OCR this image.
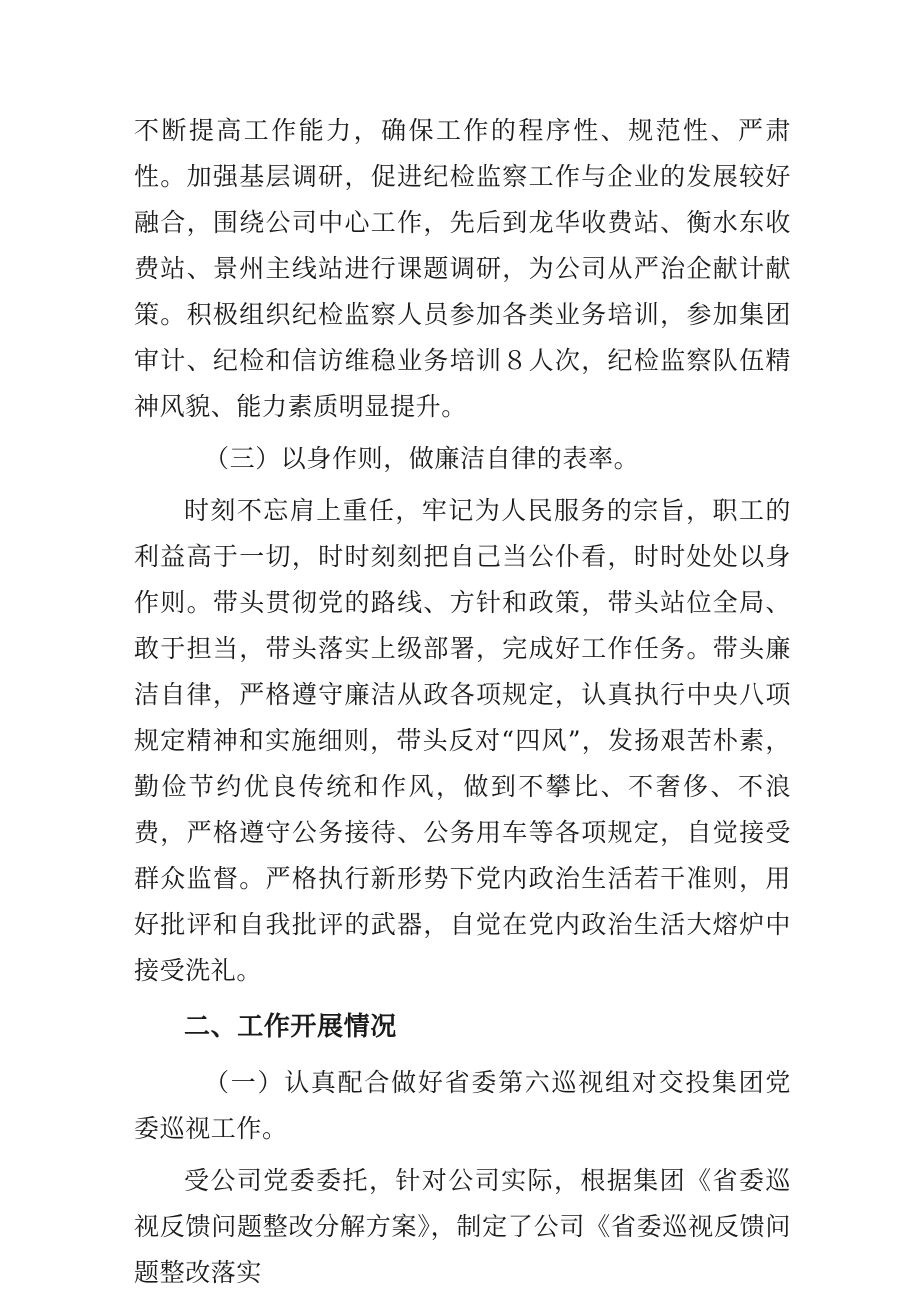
不断提高工作能力，确保工作的程序性、规范性、严肃性。加强基层调研，促进纪检监察工作与企业的发展较好融合，围绕公司中心工作，先后到龙华收费站、衡水东收费站、景州主线站进行课题调研，为公司从严治企献计献策。积极组织纪检监察人员参加各类业务培训，参加集团审计、纪检和信访维稳业务培训８人次，纪检监察队伍精神风貌、能力素质明显提升。

（三）以身作则，做廉洁自律的表率。

时刻不忘肩上重任，牢记为人民服务的宗旨，职工的利益高于一切，时时刻刻把自己当公仆看，时时处处以身作则。带头贯彻党的路线、方针和政策，带头站位全局、敢于担当，带头落实上级部署，完成好工作任务。带头廉洁自律，严格遵守廉洁从政各项规定，认真执行中央八项规定精神和实施细则，带头反对“四风”，发扬艰苦朴素，勤俭节约优良传统和作风，做到不攀比、不奢侈、不浪费，严格遵守公务接待、公务用车等各项规定，自觉接受群众监督。严格执行新形势下党内政治生活若干准则，用好批评和自我批评的武器，自觉在党内政治生活大熔炉中接受洗礼。

二、工作开展情况

（一）认真配合做好省委第六巡视组对交投集团党委巡视工作。

受公司党委委托，针对公司实际，根据集团《省委巡视反馈问题整改分解方案》，制定了公司《省委巡视反馈问题整改落实
